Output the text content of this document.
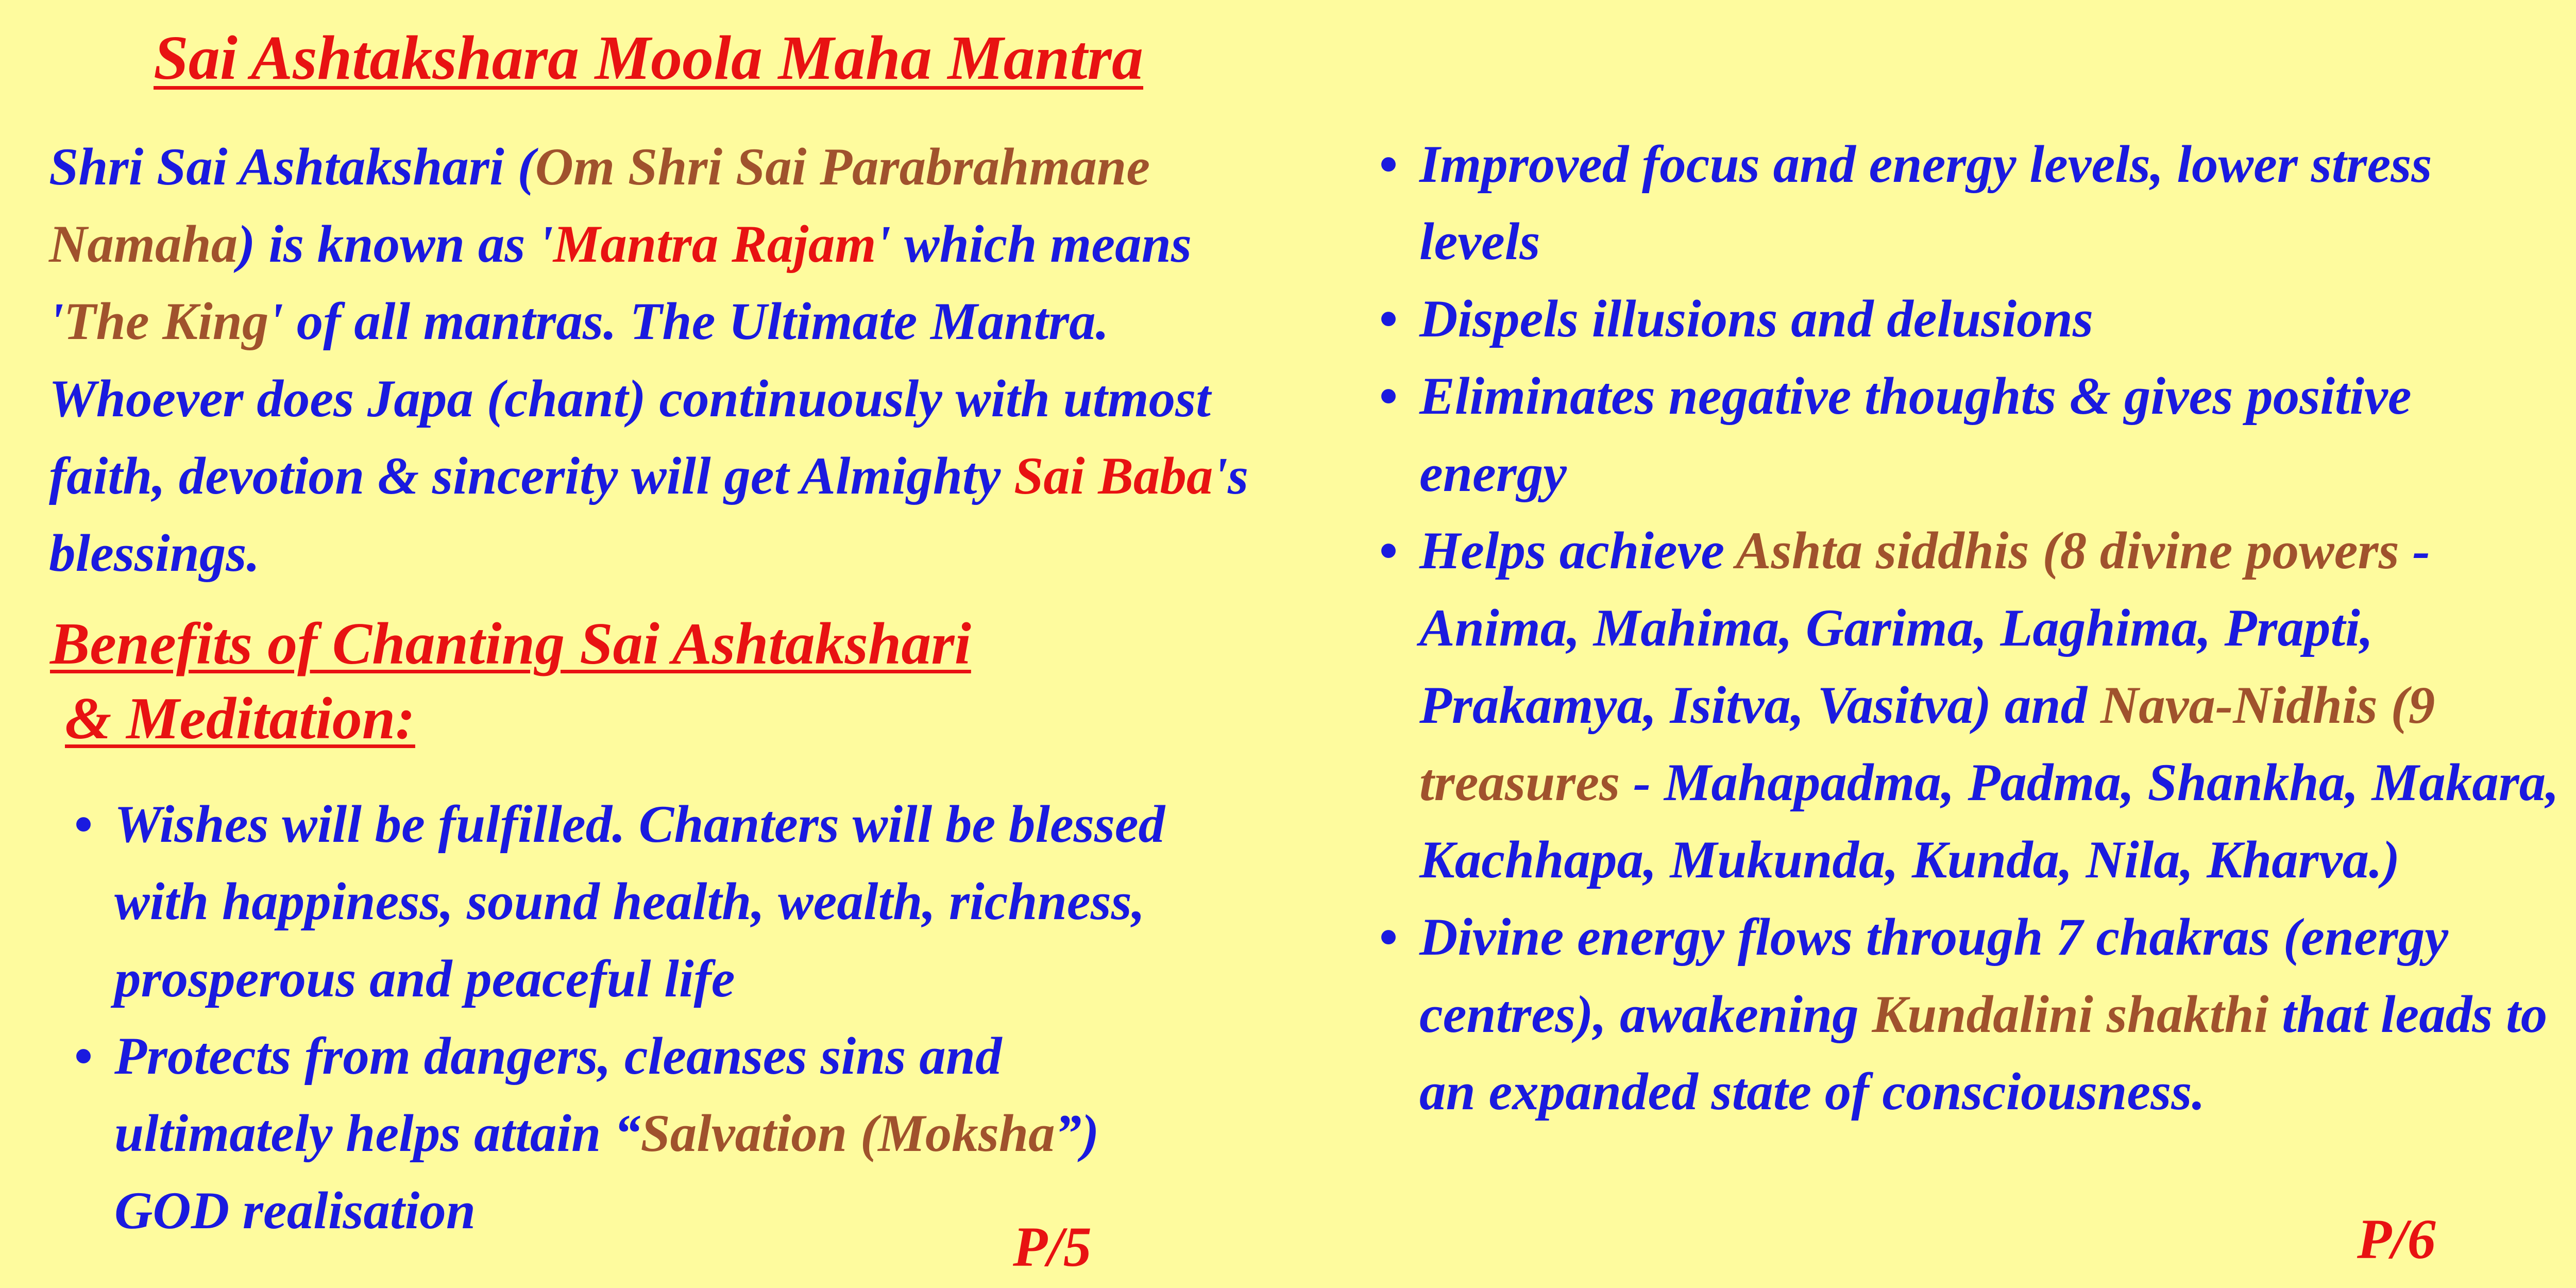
Sai Ashtakshara Moola Maha Mantra
Shri Sai Ashtakshari (Om Shri Sai Parabrahmane Namaha) is known as 'Mantra Rajam' which means 'The King' of all mantras. The Ultimate Mantra. Whoever does Japa (chant) continuously with utmost faith, devotion & sincerity will get Almighty Sai Baba's blessings.
Benefits of Chanting Sai Ashtakshari
& Meditation:
• Wishes will be fulfilled. Chanters will be blessed with happiness, sound health, wealth, richness, prosperous and peaceful life
• Protects from dangers, cleanses sins and ultimately helps attain “Salvation (Moksha”) GOD realisation
P/5
• Improved focus and energy levels, lower stress levels
• Dispels illusions and delusions
• Eliminates negative thoughts & gives positive energy
• Helps achieve Ashta siddhis (8 divine powers - Anima, Mahima, Garima, Laghima, Prapti, Prakamya, Isitva, Vasitva) and Nava-Nidhis (9 treasures - Mahapadma, Padma, Shankha, Makara, Kachhapa, Mukunda, Kunda, Nila, Kharva.)
• Divine energy flows through 7 chakras (energy centres), awakening Kundalini shakthi that leads to an expanded state of consciousness.
P/6
